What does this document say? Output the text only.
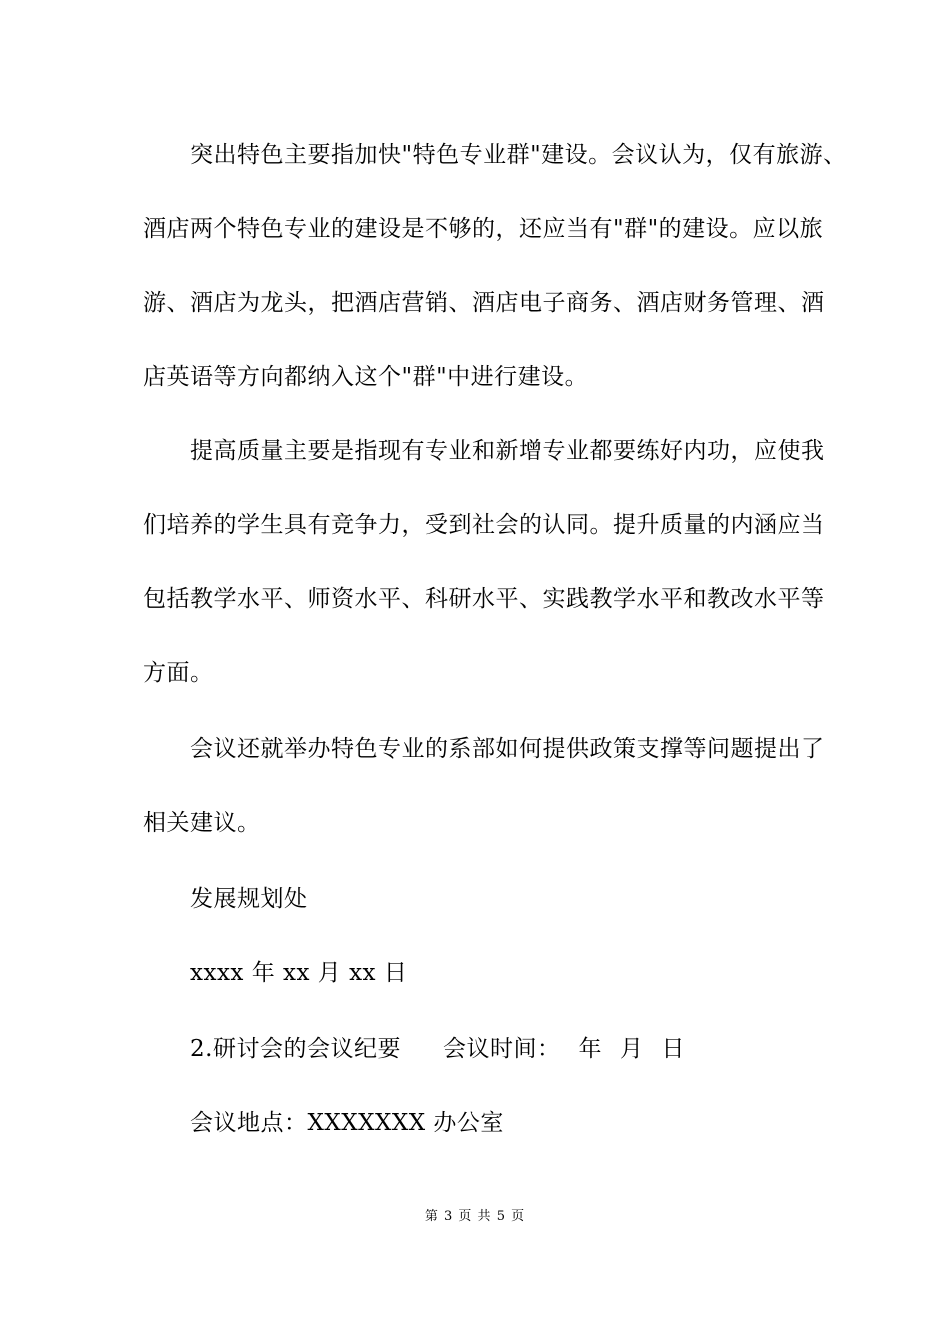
突出特色主要指加快"特色专业群"建设。会议认为，仅有旅游、
酒店两个特色专业的建设是不够的，还应当有"群"的建设。应以旅
游、酒店为龙头，把酒店营销、酒店电子商务、酒店财务管理、酒
店英语等方向都纳入这个"群"中进行建设。
提高质量主要是指现有专业和新增专业都要练好内功，应使我
们培养的学生具有竞争力，受到社会的认同。提升质量的内涵应当
包括教学水平、师资水平、科研水平、实践教学水平和教改水平等
方面。
会议还就举办特色专业的系部如何提供政策支撑等问题提出了
相关建议。
发展规划处
xxxx 年 xx 月 xx 日
2.研讨会的会议纪要 会议时间： 年 月 日
会议地点：XXXXXXX 办公室
第 3 页 共 5 页
